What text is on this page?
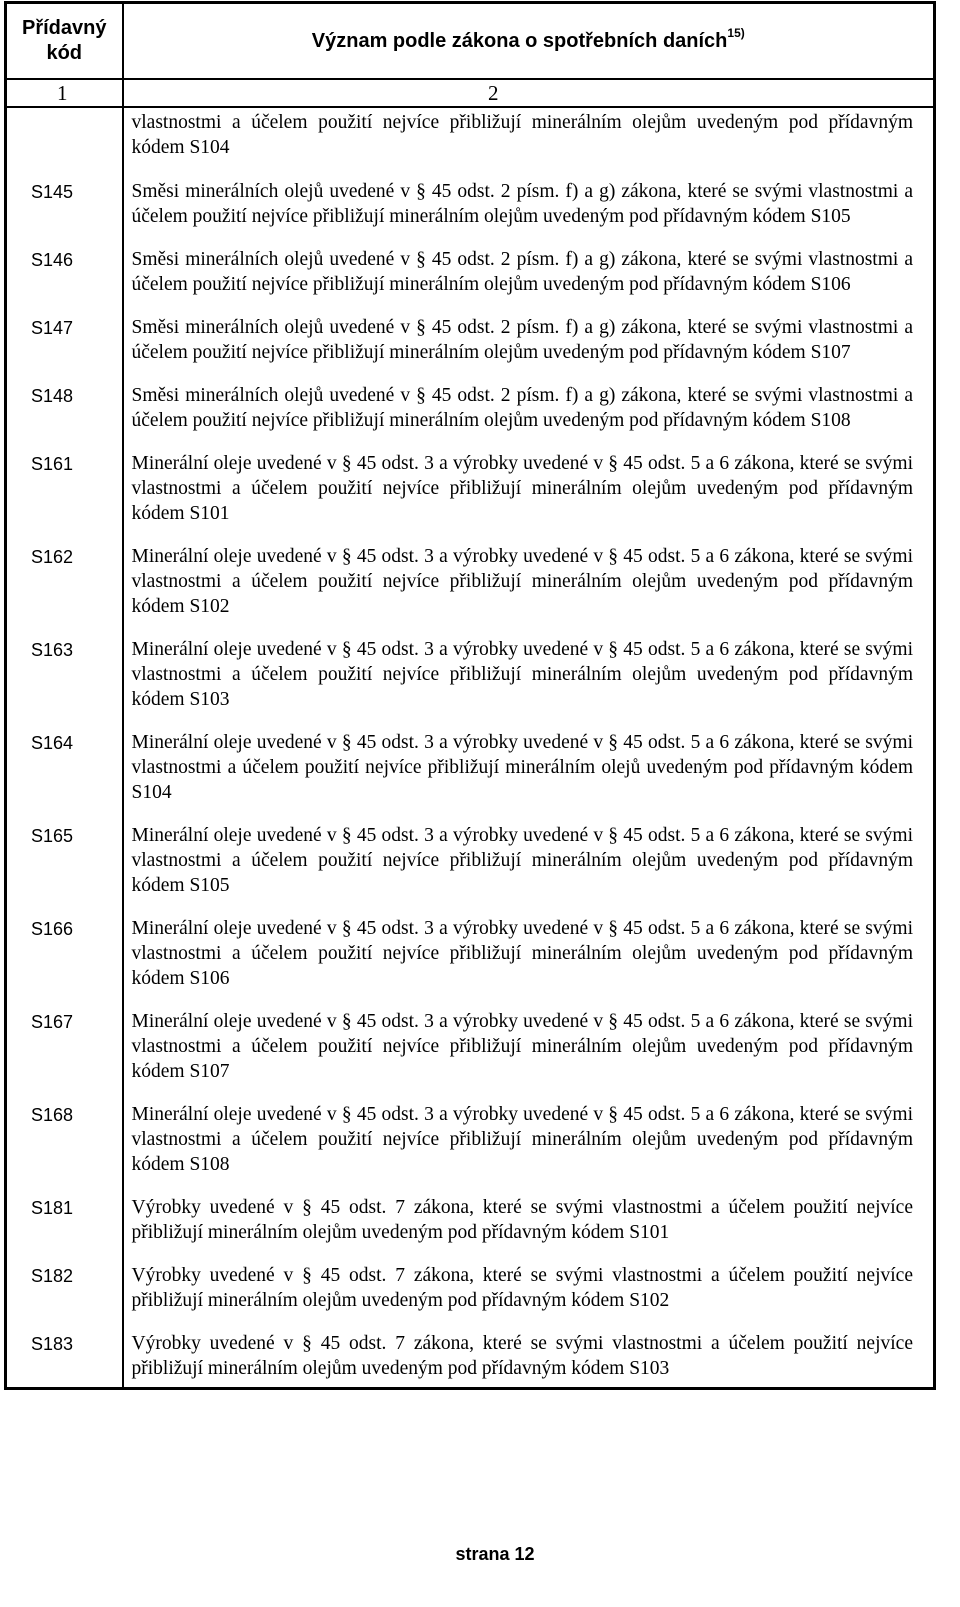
Přídavný kód	Význam podle zákona o spotřebních daních$^{15)}$
1	2
	vlastnostmi a účelem použití nejvíce přibližují minerálním olejům uvedeným pod přídavným kódem S104
S145	Směsi minerálních olejů uvedené v § 45 odst. 2 písm. f) a g) zákona, které se svými vlastnostmi a účelem použití nejvíce přibližují minerálním olejům uvedeným pod přídavným kódem S105
S146	Směsi minerálních olejů uvedené v § 45 odst. 2 písm. f) a g) zákona, které se svými vlastnostmi a účelem použití nejvíce přibližují minerálním olejům uvedeným pod přídavným kódem S106
S147	Směsi minerálních olejů uvedené v § 45 odst. 2 písm. f) a g) zákona, které se svými vlastnostmi a účelem použití nejvíce přibližují minerálním olejům uvedeným pod přídavným kódem S107
S148	Směsi minerálních olejů uvedené v § 45 odst. 2 písm. f) a g) zákona, které se svými vlastnostmi a účelem použití nejvíce přibližují minerálním olejům uvedeným pod přídavným kódem S108
S161	Minerální oleje uvedené v § 45 odst. 3 a výrobky uvedené v § 45 odst. 5 a 6 zákona, které se svými vlastnostmi a účelem použití nejvíce přibližují minerálním olejům uvedeným pod přídavným kódem S101
S162	Minerální oleje uvedené v § 45 odst. 3 a výrobky uvedené v § 45 odst. 5 a 6 zákona, které se svými vlastnostmi a účelem použití nejvíce přibližují minerálním olejům uvedeným pod přídavným kódem S102
S163	Minerální oleje uvedené v § 45 odst. 3 a výrobky uvedené v § 45 odst. 5 a 6 zákona, které se svými vlastnostmi a účelem použití nejvíce přibližují minerálním olejům uvedeným pod přídavným kódem S103
S164	Minerální oleje uvedené v § 45 odst. 3 a výrobky uvedené v § 45 odst. 5 a 6 zákona, které se svými vlastnostmi a účelem použití nejvíce přibližují minerálním olejů uvedeným pod přídavným kódem S104
S165	Minerální oleje uvedené v § 45 odst. 3 a výrobky uvedené v § 45 odst. 5 a 6 zákona, které se svými vlastnostmi a účelem použití nejvíce přibližují minerálním olejům uvedeným pod přídavným kódem S105
S166	Minerální oleje uvedené v § 45 odst. 3 a výrobky uvedené v § 45 odst. 5 a 6 zákona, které se svými vlastnostmi a účelem použití nejvíce přibližují minerálním olejům uvedeným pod přídavným kódem S106
S167	Minerální oleje uvedené v § 45 odst. 3 a výrobky uvedené v § 45 odst. 5 a 6 zákona, které se svými vlastnostmi a účelem použití nejvíce přibližují minerálním olejům uvedeným pod přídavným kódem S107
S168	Minerální oleje uvedené v § 45 odst. 3 a výrobky uvedené v § 45 odst. 5 a 6 zákona, které se svými vlastnostmi a účelem použití nejvíce přibližují minerálním olejům uvedeným pod přídavným kódem S108
S181	Výrobky uvedené v § 45 odst. 7 zákona, které se svými vlastnostmi a účelem použití nejvíce přibližují minerálním olejům uvedeným pod přídavným kódem S101
S182	Výrobky uvedené v § 45 odst. 7 zákona, které se svými vlastnostmi a účelem použití nejvíce přibližují minerálním olejům uvedeným pod přídavným kódem S102
S183	Výrobky uvedené v § 45 odst. 7 zákona, které se svými vlastnostmi a účelem použití nejvíce přibližují minerálním olejům uvedeným pod přídavným kódem S103
strana 12
